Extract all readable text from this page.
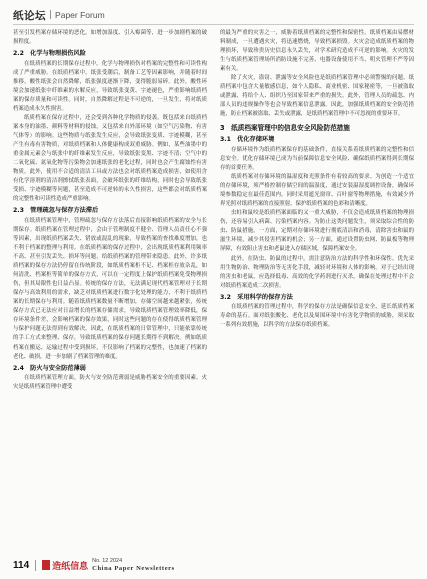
纸论坛 | Paper Forum

甚至引发档案存储环境的恶化，如增加湿度、引入霉菌等，进一步加剧档案的破损程度。

2.2　化学与物理损伤风险

在纸质档案的长期保存过程中，化学与物理损伤对档案的完整性和可读性构成了严重威胁。在纸质档案中，纸张受潮后，制备工艺等因素影响，并随着时间推移，酸性纸张会自然降解，纸张强度逐渐下降，变得脆弱易碎。此外，酸性环境会加速纸张中纤维素的水解反应，导致纸张变黄、字迹褪色，严重影响纸质档案的保存质量和可读性。同时，自然降解过程是不可逆的，一旦发生，将对纸质档案造成永久性损害。

纸质档案在保存过程中，还会受到各种化学物质的侵袭。既包括来自纸质档案本身的油墨、颜料等材料的侵蚀，又包括来自外部环境（如空气污染物、有害气体等）的影响。这些物质与纸张发生反应，会导致纸张变质、字迹模糊，甚至产生有毒有害物质，对纸质档案和人体健康构成双重威胁。例如，某些油墨中的重金属元素会与纸张中的纤维素发生反应，导致纸张变黑、字迹不清；空气中的二氧化硫、氮氧化物等污染物会加速纸张的老化过程，同时也会产生腐蚀性有害物质。此外，使用不合适的清洁工具或方法也会对纸质档案造成损害，如使用含有化学溶剂的清洁剂擦拭纸张表面，会破坏纸张的纤维结构，同时也会导致纸张受损、字迹模糊等问题，甚至造成不可逆转的永久性损害，这些都会对纸质档案的完整性和可读性造成严重影响。

2.3　管理疏忽与保存方法滞后

在纸质档案管理中，管理疏忽与保存方法落后直接影响纸质档案的安全与长期保存。纸质档案在管理过程中，会由于管理制度不健全、管理人员责任心不强等因素，出现纸质档案丢失、错放或混乱的现象，导致档案的查找难度增加，也不利于档案的整理与利用。在纸质档案的保存过程中，会出现纸质档案利用频率不高、甚至引发丢失、损坏等问题，给纸质档案的管理带来隐患。此外，许多纸质档案的保存方法仍停留在传统阶段，如纸质档案柜不足、档案柜存放杂乱，如何清洗、档案柜等简单的保存方式，可以在一定程度上保护纸质档案免受物理损伤，但其局限性也日益凸显。传统的保存方法，无法满足现代档案管理对于长期保存与高效利用的需求，缺乏对纸质档案进行数字化处理的能力，不利于纸质档案的长期保存与利用。随着纸质档案数量不断增加，存储空间越来越紧张，传统保存方式已无法应对日益增长的档案存储需求，导致纸质档案管理效率降低，保存环境条件差，会影响档案的保存效果，同时这些问题的存在使得纸质档案管理与保护问题无法得到有效解决。因此，在纸质档案的日常管理中，只能依靠传统的手工方式来整理、保存，导致纸质档案的保存问题长期得不到解决。例如纸质档案在搬运、运输过程中受到损坏，不仅影响了档案的完整性，也加速了档案的老化、破损，进一步加剧了档案管理的难度。

2.4　防火与安全防范薄弱

在纸质档案管理方面，防火与安全防范薄弱是威胁档案安全的重要因素。火灾是纸质档案管理中遭受

的最为严重的灾害之一，威胁着纸质档案的完整性和保密性。纸质档案由易燃材料制成，一旦遭遇火灾，将迅速燃烧，导致档案损毁。火灾会造成纸质档案的物理损坏，导致珍贵历史信息永久丢失，对学术研究造成不可逆的影响。火灾的发生与纸质档案管理场所消防设施不完善、电器设备使用不当、明火管理不严等因素有关。

除了火灾，盗窃、泄露等安全风险也是纸质档案管理中必须警惕的问题。纸质档案中包含大量敏感信息，如个人隐私、商业机密、国家秘密等，一旦被盗取或泄露，将给个人、组织乃至国家带来严重的损失。此外，管理人员的疏忽、内部人员的违规操作等也会导致档案信息泄露。因此，加强纸质档案的安全防范措施，防止档案被盗取、丢失或泄露，是纸质档案管理中不可忽视的重要环节。

3　纸质档案管理中的信息安全风险防范措施
3.1　优化存储环境

存储环境作为纸质档案保存的基础条件，直接关系着纸质档案的完整性和信息安全。优化存储环境已成为当前保障信息安全风险、确保纸质档案得到长期保存的首要任务。

纸质档案对存储环境的温湿度和光照条件有着较高的要求。为创造一个适宜的存储环境，须严格控制存储空间的温湿度，通过安装温湿度调控设备，确保环境参数稳定在最佳范围内。同时采用遮光窗帘、百叶窗等物理措施，有效减少外界光照对纸质档案的直接照射，保护纸质档案的色彩和清晰度。

虫蛀和鼠咬是纸质档案面临的又一重大威胁，不仅会造成纸质档案的物理损伤，还容易引入病菌、污染档案内容。为防止这类问题发生，须采取综合性的防虫、防鼠措施。一方面，定期对存储环境进行彻底清洁和消毒，清除害虫和鼠的滋生环境，减少其侵害档案的机会；另一方面，通过设置防虫网、防鼠板等物理屏障，有效阻止害虫和老鼠进入存储区域，保障档案安全。

此外，在防虫、防鼠的过程中，需注意防治方法的科学性和环保性。优先采用生物防治、物理防治等无害化手段，减轻对环境和人体的影响。对于已经出现的害虫和老鼠，应选择低毒、高效的化学药剂进行灭杀，确保在处理过程中不会对纸质档案造成二次损害。

3.2　采用科学的保存方法

在纸质档案的管理过程中，科学的保存方法是确保信息安全、延长纸质档案寿命的基石。面对纸张酸化、老化以及周围环境中有害化学物质的威胁，须采取一系列有效措施，以科学的方法保存纸质档案。

114	造纸信息
No. 12 2024
China Paper Newsletters
